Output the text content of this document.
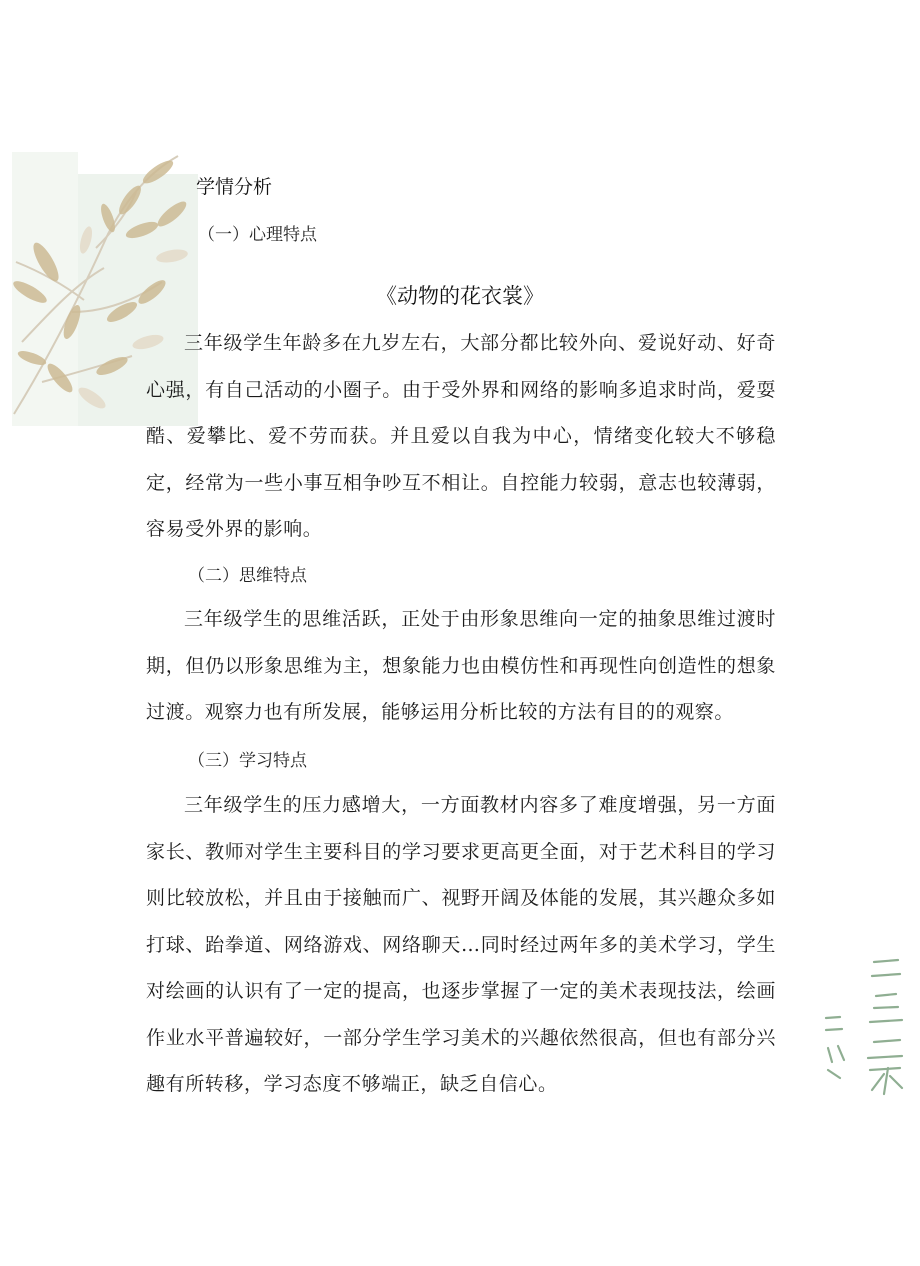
学情分析
（一）心理特点
《动物的花衣裳》
三年级学生年龄多在九岁左右，大部分都比较外向、爱说好动、好奇心强，有自己活动的小圈子。由于受外界和网络的影响多追求时尚，爱耍酷、爱攀比、爱不劳而获。并且爱以自我为中心，情绪变化较大不够稳定，经常为一些小事互相争吵互不相让。自控能力较弱，意志也较薄弱，容易受外界的影响。
（二）思维特点
三年级学生的思维活跃，正处于由形象思维向一定的抽象思维过渡时期，但仍以形象思维为主，想象能力也由模仿性和再现性向创造性的想象过渡。观察力也有所发展，能够运用分析比较的方法有目的的观察。
（三）学习特点
三年级学生的压力感增大，一方面教材内容多了难度增强，另一方面家长、教师对学生主要科目的学习要求更高更全面，对于艺术科目的学习则比较放松，并且由于接触而广、视野开阔及体能的发展，其兴趣众多如打球、跆拳道、网络游戏、网络聊天…同时经过两年多的美术学习，学生对绘画的认识有了一定的提高，也逐步掌握了一定的美术表现技法，绘画作业水平普遍较好，一部分学生学习美术的兴趣依然很高，但也有部分兴趣有所转移，学习态度不够端正，缺乏自信心。
